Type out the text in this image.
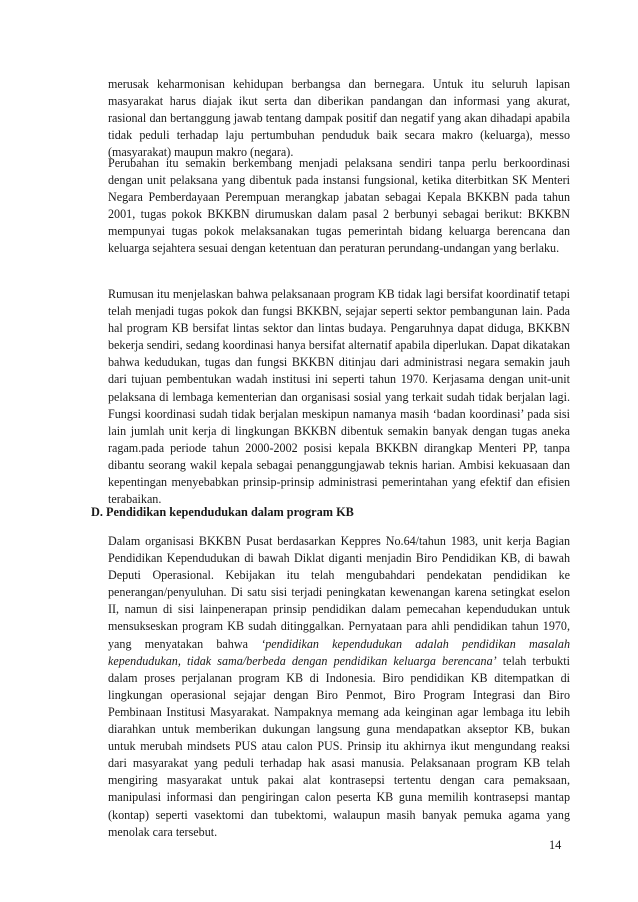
merusak keharmonisan kehidupan berbangsa dan bernegara. Untuk itu seluruh lapisan masyarakat harus diajak ikut serta dan diberikan pandangan dan informasi yang akurat, rasional dan bertanggung jawab tentang dampak positif dan negatif yang akan dihadapi apabila tidak peduli terhadap laju pertumbuhan penduduk baik secara makro (keluarga), messo (masyarakat) maupun makro (negara).

Perubahan itu semakin berkembang menjadi pelaksana sendiri tanpa perlu berkoordinasi dengan unit pelaksana yang dibentuk pada instansi fungsional, ketika diterbitkan SK Menteri Negara Pemberdayaan Perempuan merangkap jabatan sebagai Kepala BKKBN pada tahun 2001, tugas pokok BKKBN dirumuskan dalam pasal 2 berbunyi sebagai berikut: BKKBN mempunyai tugas pokok melaksanakan tugas pemerintah bidang keluarga berencana dan keluarga sejahtera sesuai dengan ketentuan dan peraturan perundang-undangan yang berlaku.

Rumusan itu menjelaskan bahwa pelaksanaan program KB tidak lagi bersifat koordinatif tetapi telah menjadi tugas pokok dan fungsi BKKBN, sejajar seperti sektor pembangunan lain. Pada hal program KB bersifat lintas sektor dan lintas budaya. Pengaruhnya dapat diduga, BKKBN bekerja sendiri, sedang koordinasi hanya bersifat alternatif apabila diperlukan. Dapat dikatakan bahwa kedudukan, tugas dan fungsi BKKBN ditinjau dari administrasi negara semakin jauh dari tujuan pembentukan wadah institusi ini seperti tahun 1970. Kerjasama dengan unit-unit pelaksana di lembaga kementerian dan organisasi sosial yang terkait sudah tidak berjalan lagi. Fungsi koordinasi sudah tidak berjalan meskipun namanya masih ‘badan koordinasi’ pada sisi lain jumlah unit kerja di lingkungan BKKBN dibentuk semakin banyak dengan tugas aneka ragam.pada periode tahun 2000-2002 posisi kepala BKKBN dirangkap Menteri PP, tanpa dibantu seorang wakil kepala sebagai penanggungjawab teknis harian. Ambisi kekuasaan dan kepentingan menyebabkan prinsip-prinsip administrasi pemerintahan yang efektif dan efisien terabaikan.

D. Pendidikan kependudukan dalam program KB

Dalam organisasi BKKBN Pusat berdasarkan Keppres No.64/tahun 1983, unit kerja Bagian Pendidikan Kependudukan di bawah Diklat diganti menjadin Biro Pendidikan KB, di bawah Deputi Operasional. Kebijakan itu telah mengubahdari pendekatan pendidikan ke penerangan/penyuluhan. Di satu sisi terjadi peningkatan kewenangan karena setingkat eselon II, namun di sisi lainpenerapan prinsip pendidikan dalam pemecahan kependudukan untuk mensukseskan program KB sudah ditinggalkan. Pernyataan para ahli pendidikan tahun 1970, yang menyatakan bahwa ‘pendidikan kependudukan adalah pendidikan masalah kependudukan, tidak sama/berbeda dengan pendidikan keluarga berencana’ telah terbukti dalam proses perjalanan program KB di Indonesia. Biro pendidikan KB ditempatkan di lingkungan operasional sejajar dengan Biro Penmot, Biro Program Integrasi dan Biro Pembinaan Institusi Masyarakat. Nampaknya memang ada keinginan agar lembaga itu lebih diarahkan untuk memberikan dukungan langsung guna mendapatkan akseptor KB, bukan untuk merubah mindsets PUS atau calon PUS. Prinsip itu akhirnya ikut mengundang reaksi dari masyarakat yang peduli terhadap hak asasi manusia. Pelaksanaan program KB telah mengiring masyarakat untuk pakai alat kontrasepsi tertentu dengan cara pemaksaan, manipulasi informasi dan pengiringan calon peserta KB guna memilih kontrasepsi mantap (kontap) seperti vasektomi dan tubektomi, walaupun masih banyak pemuka agama yang menolak cara tersebut.

14
